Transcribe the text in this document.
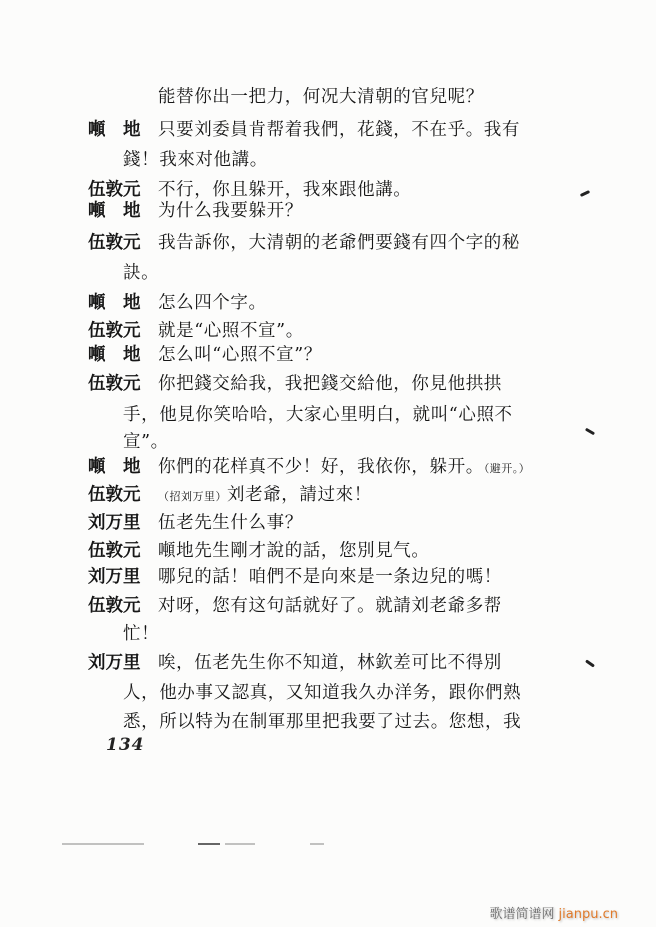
能替你出一把力，何况大清朝的官兒呢？
噸　地	只要刘委員肯帮着我們，花錢，不在乎。我有
錢！我來对他講。
伍敦元	不行，你且躲开，我來跟他講。
噸　地	为什么我要躲开？
伍敦元	我告訴你，大清朝的老爺們要錢有四个字的秘
訣。
噸　地	怎么四个字。
伍敦元	就是“心照不宣”。
噸　地	怎么叫“心照不宣”？
伍敦元	你把錢交給我，我把錢交給他，你見他拱拱
手，他見你笑哈哈，大家心里明白，就叫“心照不
宣”。
噸　地	你們的花样真不少！好，我依你，躲开。（避开。）
伍敦元	（招刘万里）刘老爺，請过來！
刘万里	伍老先生什么事？
伍敦元	噸地先生剛才說的話，您別見气。
刘万里	哪兒的話！咱們不是向來是一条边兒的嗎！
伍敦元	对呀，您有这句話就好了。就請刘老爺多帮
忙！
刘万里	唉，伍老先生你不知道，林欽差可比不得別
人，他办事又認真，又知道我久办洋务，跟你們熟
悉，所以特为在制軍那里把我要了过去。您想，我
134
歌谱简谱网 jianpu.cn
